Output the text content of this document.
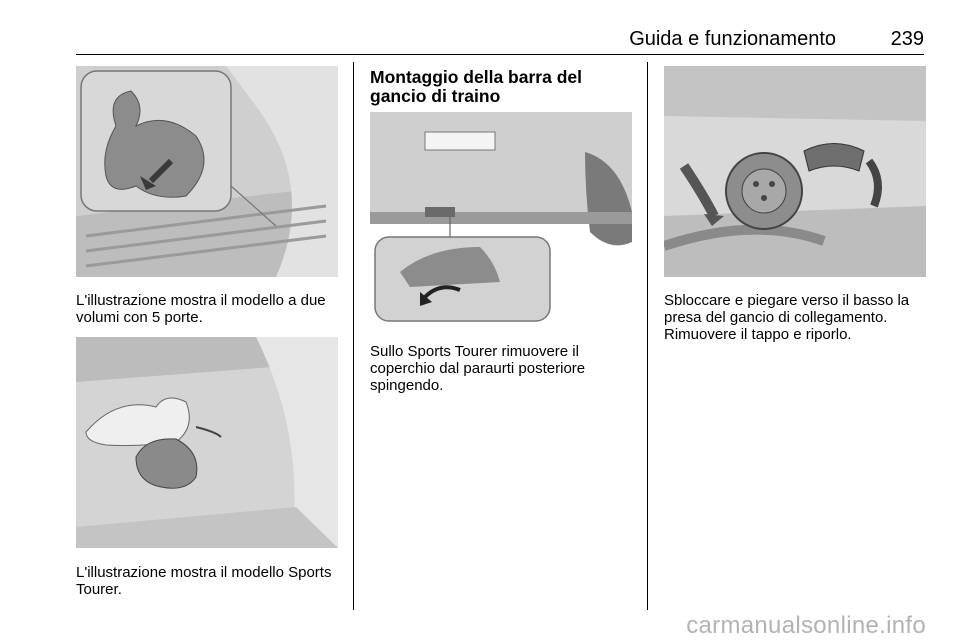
Guida e funzionamento	239
L'illustrazione mostra il modello a due volumi con 5 porte.
L'illustrazione mostra il modello Sports Tourer.
Montaggio della barra del gancio di traino
Sullo Sports Tourer rimuovere il coperchio dal paraurti posteriore spingendo.
Sbloccare e piegare verso il basso la presa del gancio di collegamento. Rimuovere il tappo e riporlo.
carmanualsonline.info
